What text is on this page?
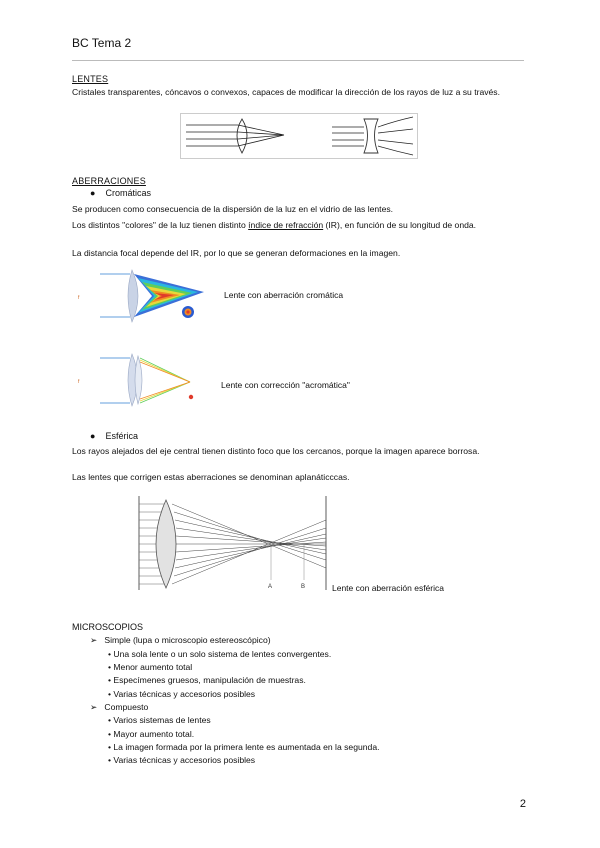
BC Tema 2
LENTES
Cristales transparentes, cóncavos o convexos, capaces de modificar la dirección de los rayos de luz a su través.
ABERRACIONES
●    Cromáticas
Se producen como consecuencia de la dispersión de la luz en el vidrio de las lentes.
Los distintos "colores" de la luz tienen distinto índice de refracción (IR), en función de su longitud de onda.
La distancia focal depende del IR, por lo que se generan deformaciones en la imagen.
f	Lente con aberración cromática
f	Lente con corrección "acromática"
●    Esférica
Los rayos alejados del eje central tienen distinto foco que los cercanos, porque la imagen aparece borrosa.
Las lentes que corrigen estas aberraciones se denominan aplanáticccas.
A	B	Lente con aberración esférica
MICROSCOPIOS
➢   Simple (lupa o microscopio estereoscópico)
• Una sola lente o un solo sistema de lentes convergentes.
• Menor aumento total
• Especímenes gruesos, manipulación de muestras.
• Varias técnicas y accesorios posibles
➢   Compuesto
• Varios sistemas de lentes
• Mayor aumento total.
• La imagen formada por la primera lente es aumentada en la segunda.
• Varias técnicas y accesorios posibles
2
